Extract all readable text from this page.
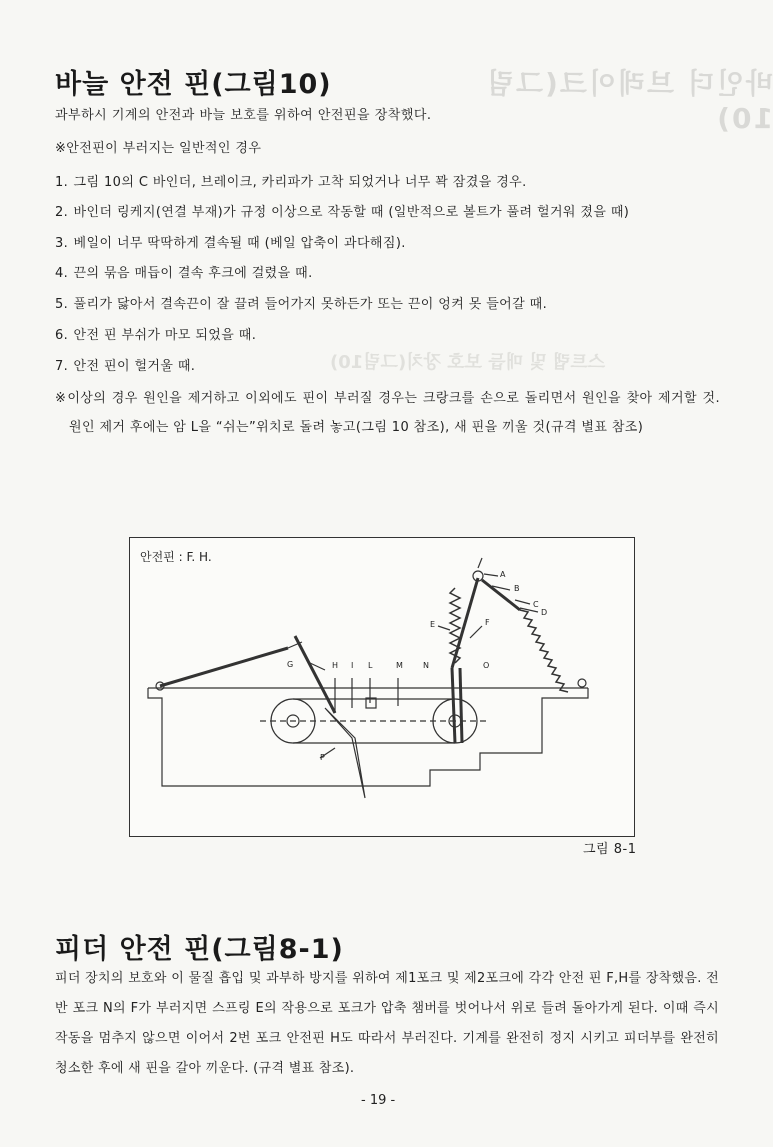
바인더 브레이크(그림10)
스트랩 및 매듭 보호 장치(그림10)
바늘 안전 핀(그림10)
과부하시 기계의 안전과 바늘 보호를 위하여 안전핀을 장착했다.
※안전핀이 부러지는 일반적인 경우
1. 그림 10의 C 바인더, 브레이크, 카리파가 고착 되었거나 너무 꽉 잠겼을 경우.
2. 바인더 링케지(연결 부재)가 규정 이상으로 작동할 때 (일반적으로 볼트가 풀려 헐거워 졌을 때)
3. 베일이 너무 딱딱하게 결속될 때 (베일 압축이 과다해짐).
4. 끈의 묶음 매듭이 결속 후크에 걸렸을 때.
5. 풀리가 닳아서 결속끈이 잘 끌려 들어가지 못하든가 또는 끈이 엉켜 못 들어갈 때.
6. 안전 핀 부쉬가 마모 되었을 때.
7. 안전 핀이 헐거울 때.
※이상의 경우 원인을 제거하고 이외에도 핀이 부러질 경우는 크랑크를 손으로 돌리면서 원인을 찾아 제거할 것. 원인 제거 후에는 암 L을 “쉬는”위치로 돌려 놓고(그림 10 참조), 새 핀을 끼울 것(규격 별표 참조)
안전핀 : F. H.
A
B
C
D
E	F
G	H I L	M	N	O
P
그림 8-1
피더 안전 핀(그림8-1)
피더 장치의 보호와 이 물질 흡입 및 과부하 방지를 위하여 제1포크 및 제2포크에 각각 안전 핀 F,H를 장착했음. 전반 포크 N의 F가 부러지면 스프링 E의 작용으로 포크가 압축 챔버를 벗어나서 위로 들려 돌아가게 된다. 이때 즉시 작동을 멈추지 않으면 이어서 2번 포크 안전핀 H도 따라서 부러진다. 기계를 완전히 정지 시키고 피더부를 완전히 청소한 후에 새 핀을 갈아 끼운다. (규격 별표 참조).
- 19 -
